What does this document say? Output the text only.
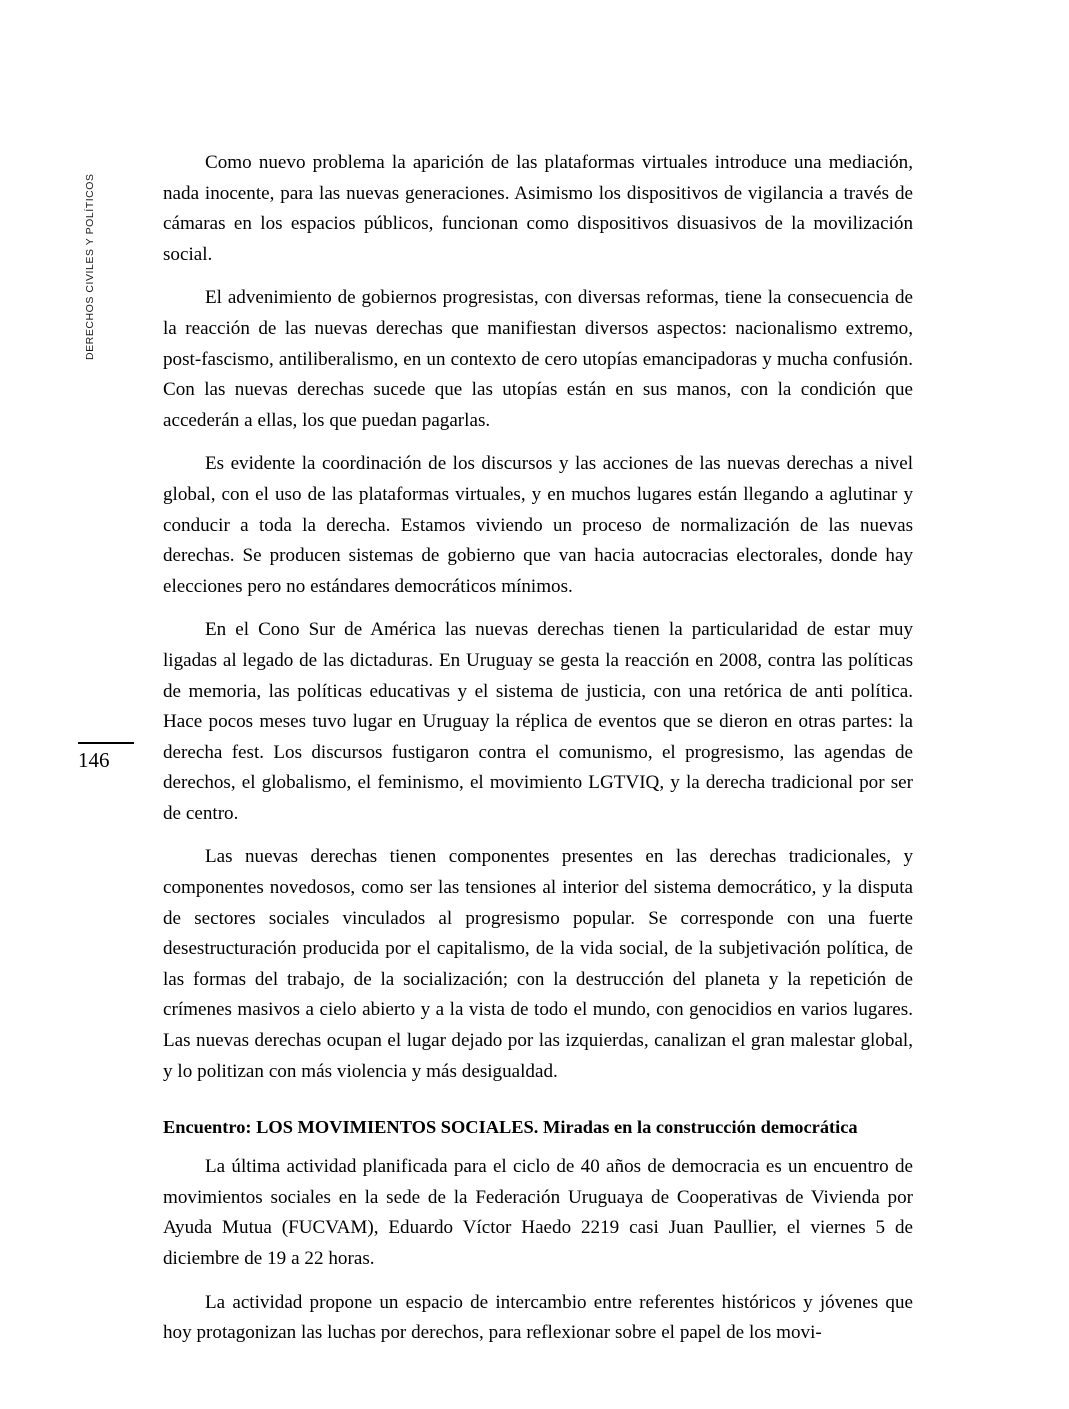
DERECHOS CIVILES Y POLÍTICOS
146

Como nuevo problema la aparición de las plataformas virtuales introduce una mediación, nada inocente, para las nuevas generaciones. Asimismo los dispositivos de vigilancia a través de cámaras en los espacios públicos, funcionan como dispositivos disuasivos de la movilización social.

El advenimiento de gobiernos progresistas, con diversas reformas, tiene la consecuencia de la reacción de las nuevas derechas que manifiestan diversos aspectos: nacionalismo extremo, post-fascismo, antiliberalismo, en un contexto de cero utopías emancipadoras y mucha confusión. Con las nuevas derechas sucede que las utopías están en sus manos, con la condición que accederán a ellas, los que puedan pagarlas.

Es evidente la coordinación de los discursos y las acciones de las nuevas derechas a nivel global, con el uso de las plataformas virtuales, y en muchos lugares están llegando a aglutinar y conducir a toda la derecha. Estamos viviendo un proceso de normalización de las nuevas derechas. Se producen sistemas de gobierno que van hacia autocracias electorales, donde hay elecciones pero no estándares democráticos mínimos.

En el Cono Sur de América las nuevas derechas tienen la particularidad de estar muy ligadas al legado de las dictaduras. En Uruguay se gesta la reacción en 2008, contra las políticas de memoria, las políticas educativas y el sistema de justicia, con una retórica de anti política. Hace pocos meses tuvo lugar en Uruguay la réplica de eventos que se dieron en otras partes: la derecha fest. Los discursos fustigaron contra el comunismo, el progresismo, las agendas de derechos, el globalismo, el feminismo, el movimiento LGTVIQ, y la derecha tradicional por ser de centro.

Las nuevas derechas tienen componentes presentes en las derechas tradicionales, y componentes novedosos, como ser las tensiones al interior del sistema democrático, y la disputa de sectores sociales vinculados al progresismo popular. Se corresponde con una fuerte desestructuración producida por el capitalismo, de la vida social, de la subjetivación política, de las formas del trabajo, de la socialización; con la destrucción del planeta y la repetición de crímenes masivos a cielo abierto y a la vista de todo el mundo, con genocidios en varios lugares. Las nuevas derechas ocupan el lugar dejado por las izquierdas, canalizan el gran malestar global, y lo politizan con más violencia y más desigualdad.

Encuentro: LOS MOVIMIENTOS SOCIALES. Miradas en la construcción democrática

La última actividad planificada para el ciclo de 40 años de democracia es un encuentro de movimientos sociales en la sede de la Federación Uruguaya de Cooperativas de Vivienda por Ayuda Mutua (FUCVAM), Eduardo Víctor Haedo 2219 casi Juan Paullier, el viernes 5 de diciembre de 19 a 22 horas.

La actividad propone un espacio de intercambio entre referentes históricos y jóvenes que hoy protagonizan las luchas por derechos, para reflexionar sobre el papel de los movi-
